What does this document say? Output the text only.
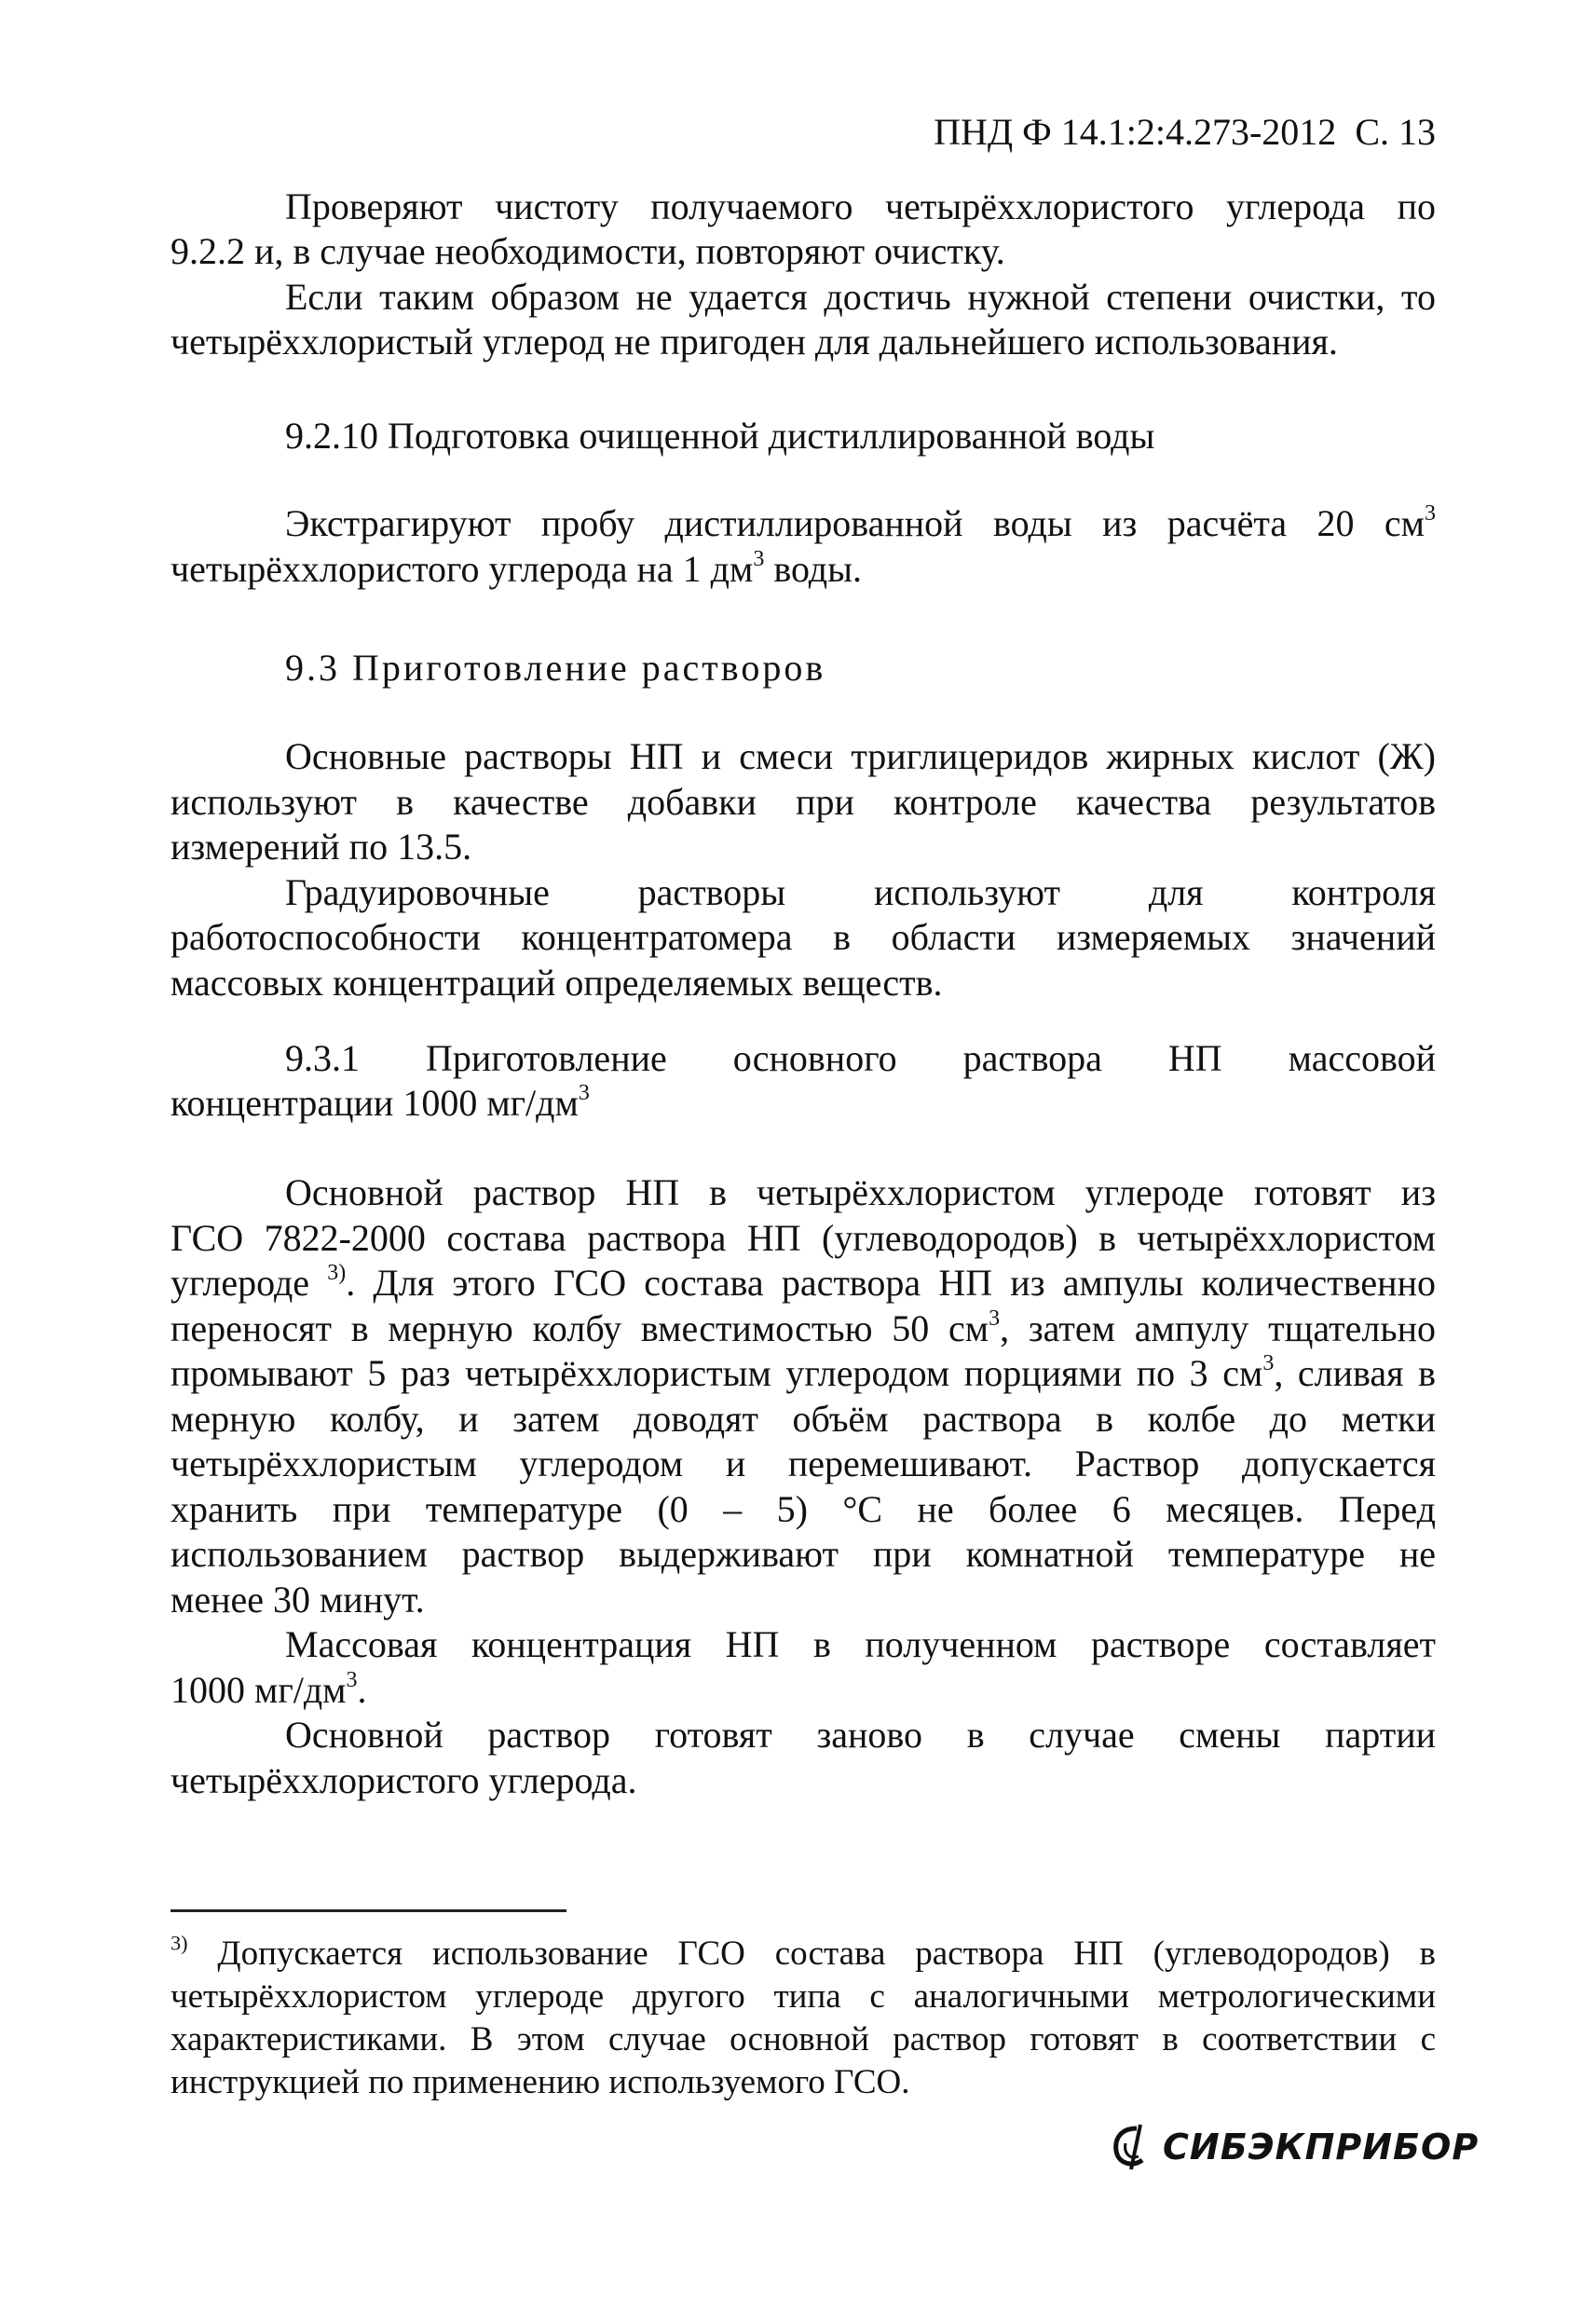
ПНД Ф 14.1:2:4.273-2012 С. 13
Проверяют чистоту получаемого четырёххлористого углерода по
9.2.2 и, в случае необходимости, повторяют очистку.
Если таким образом не удается достичь нужной степени очистки, то
четырёххлористый углерод не пригоден для дальнейшего использования.
9.2.10 Подготовка очищенной дистиллированной воды
Экстрагируют пробу дистиллированной воды из расчёта 20 $см^3$
четырёххлористого углерода на 1 $дм^3$ воды.
9.3 Приготовление растворов
Основные растворы НП и смеси триглицеридов жирных кислот (Ж)
используют в качестве добавки при контроле качества результатов
измерений по 13.5.
Градуировочные растворы используют для контроля
работоспособности концентратомера в области измеряемых значений
массовых концентраций определяемых веществ.
9.3.1 Приготовление основного раствора НП массовой
концентрации 1000 $мг/дм^3$
Основной раствор НП в четырёххлористом углероде готовят из
ГСО 7822-2000 состава раствора НП (углеводородов) в четырёххлористом
углероде $^{3)}$. Для этого ГСО состава раствора НП из ампулы количественно
переносят в мерную колбу вместимостью 50 $см^3$, затем ампулу тщательно
промывают 5 раз четырёххлористым углеродом порциями по 3 $см^3$, сливая в
мерную колбу, и затем доводят объём раствора в колбе до метки
четырёххлористым углеродом и перемешивают. Раствор допускается
хранить при температуре (0 – 5) °С не более 6 месяцев. Перед
использованием раствор выдерживают при комнатной температуре не
менее 30 минут.
Массовая концентрация НП в полученном растворе составляет
1000 $мг/дм^3$.
Основной раствор готовят заново в случае смены партии
четырёххлористого углерода.
$^{3)}$ Допускается использование ГСО состава раствора НП (углеводородов) в
четырёххлористом углероде другого типа с аналогичными метрологическими
характеристиками. В этом случае основной раствор готовят в соответствии с
инструкцией по применению используемого ГСО.
СИБЭКПРИБОР
